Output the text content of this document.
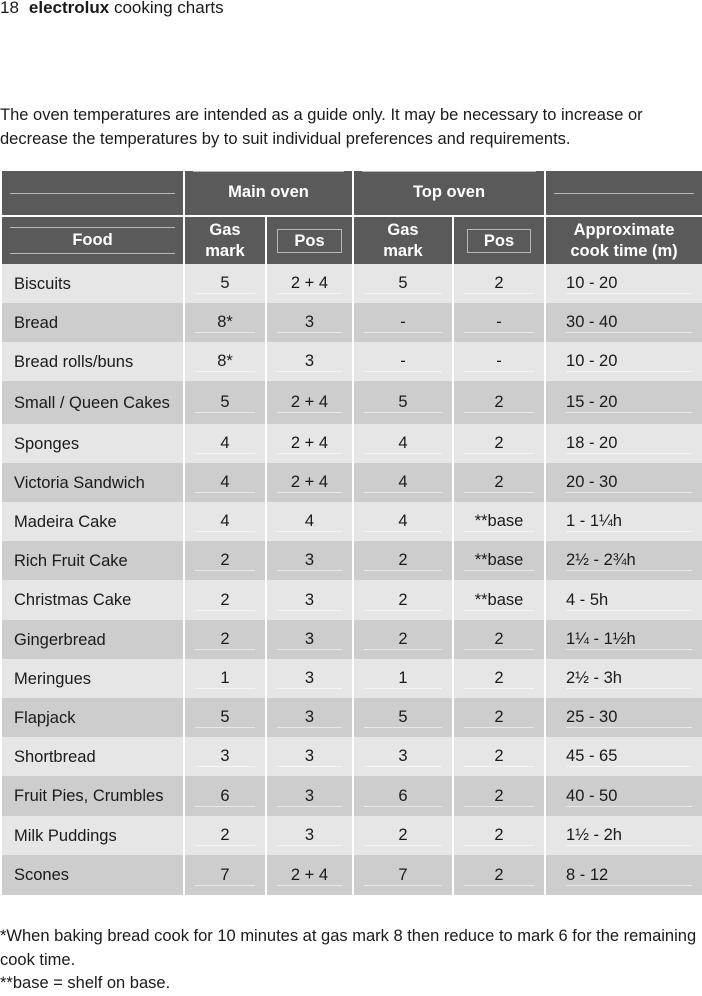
18 electrolux cooking charts

The oven temperatures are intended as a guide only. It may be necessary to increase or decrease the temperatures by to suit individual preferences and requirements.

Main oven		Top oven		

Food	Gas mark	Pos	Gas mark	Pos	Approximate cook time (m)

Biscuits	5	2 + 4	5	2	10 - 20

Bread	8*	3	-	-	30 - 40

Bread rolls/buns	8*	3	-	-	10 - 20

Small / Queen Cakes	5	2 + 4	5	2	15 - 20

Sponges	4	2 + 4	4	2	18 - 20

Victoria Sandwich	4	2 + 4	4	2	20 - 30

Madeira Cake	4	4	4	**base	1 - 1¼h

Rich Fruit Cake	2	3	2	**base	2½ - 2¾h

Christmas Cake	2	3	2	**base	4 - 5h

Gingerbread	2	3	2	2	1¼ - 1½h

Meringues	1	3	1	2	2½ - 3h

Flapjack	5	3	5	2	25 - 30

Shortbread	3	3	3	2	45 - 65

Fruit Pies, Crumbles	6	3	6	2	40 - 50

Milk Puddings	2	3	2	2	1½ - 2h

Scones	7	2 + 4	7	2	8 - 12
*When baking bread cook for 10 minutes at gas mark 8 then reduce to mark 6 for the remaining cook time.
**base = shelf on base.
